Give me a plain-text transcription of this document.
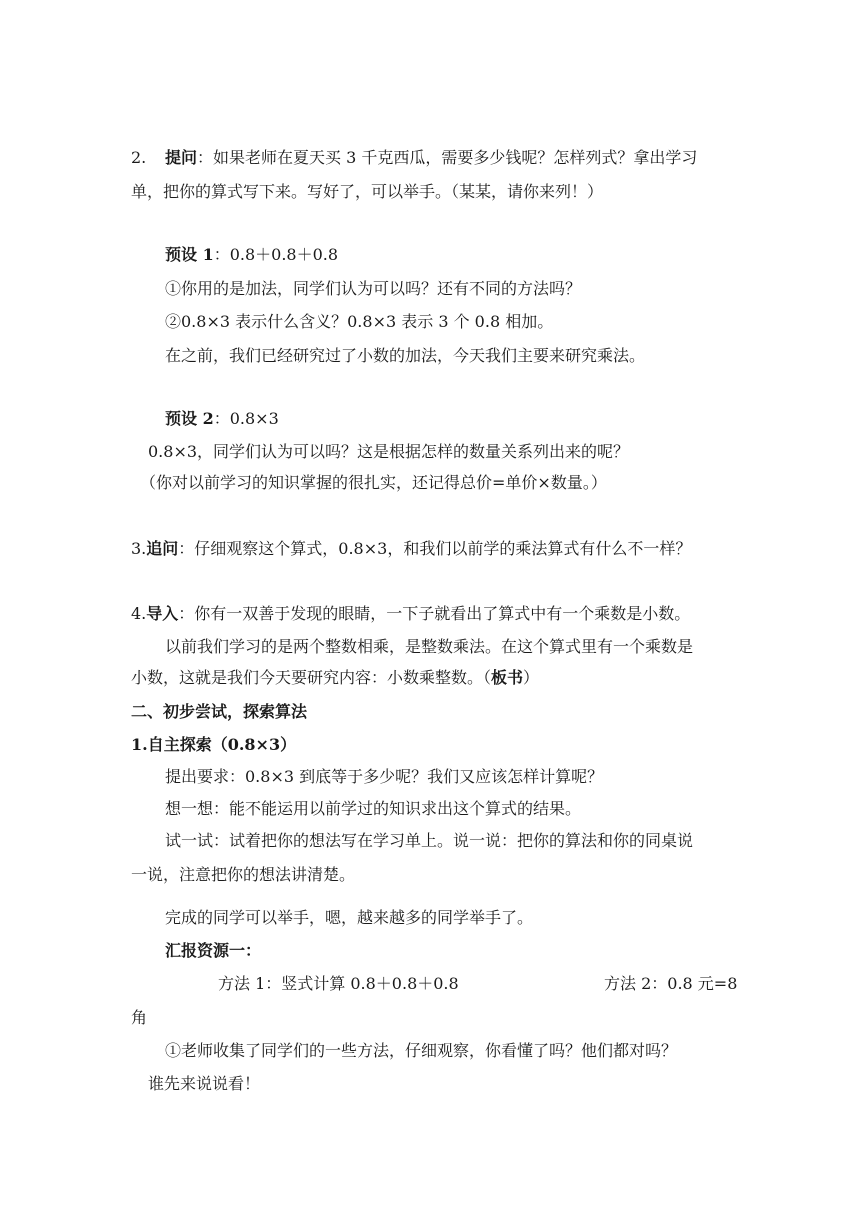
2. 提问：如果老师在夏天买 3 千克西瓜，需要多少钱呢？怎样列式？拿出学习
单，把你的算式写下来。写好了，可以举手。（某某，请你来列！）
预设 1：0.8＋0.8＋0.8
①你用的是加法，同学们认为可以吗？还有不同的方法吗？
②0.8×3 表示什么含义？0.8×3 表示 3 个 0.8 相加。
在之前，我们已经研究过了小数的加法，今天我们主要来研究乘法。
预设 2：0.8×3
0.8×3，同学们认为可以吗？这是根据怎样的数量关系列出来的呢？
（你对以前学习的知识掌握的很扎实，还记得总价=单价×数量。）
3.追问：仔细观察这个算式，0.8×3，和我们以前学的乘法算式有什么不一样？
4.导入：你有一双善于发现的眼睛，一下子就看出了算式中有一个乘数是小数。
以前我们学习的是两个整数相乘，是整数乘法。在这个算式里有一个乘数是
小数，这就是我们今天要研究内容：小数乘整数。（板书）
二、初步尝试，探索算法
1.自主探索（0.8×3）
提出要求：0.8×3 到底等于多少呢？我们又应该怎样计算呢？
想一想：能不能运用以前学过的知识求出这个算式的结果。
试一试：试着把你的想法写在学习单上。说一说：把你的算法和你的同桌说
一说，注意把你的想法讲清楚。
完成的同学可以举手，嗯，越来越多的同学举手了。
汇报资源一：
方法 1：竖式计算 0.8＋0.8＋0.8	方法 2：0.8 元=8
角
①老师收集了同学们的一些方法，仔细观察，你看懂了吗？他们都对吗？
谁先来说说看！
